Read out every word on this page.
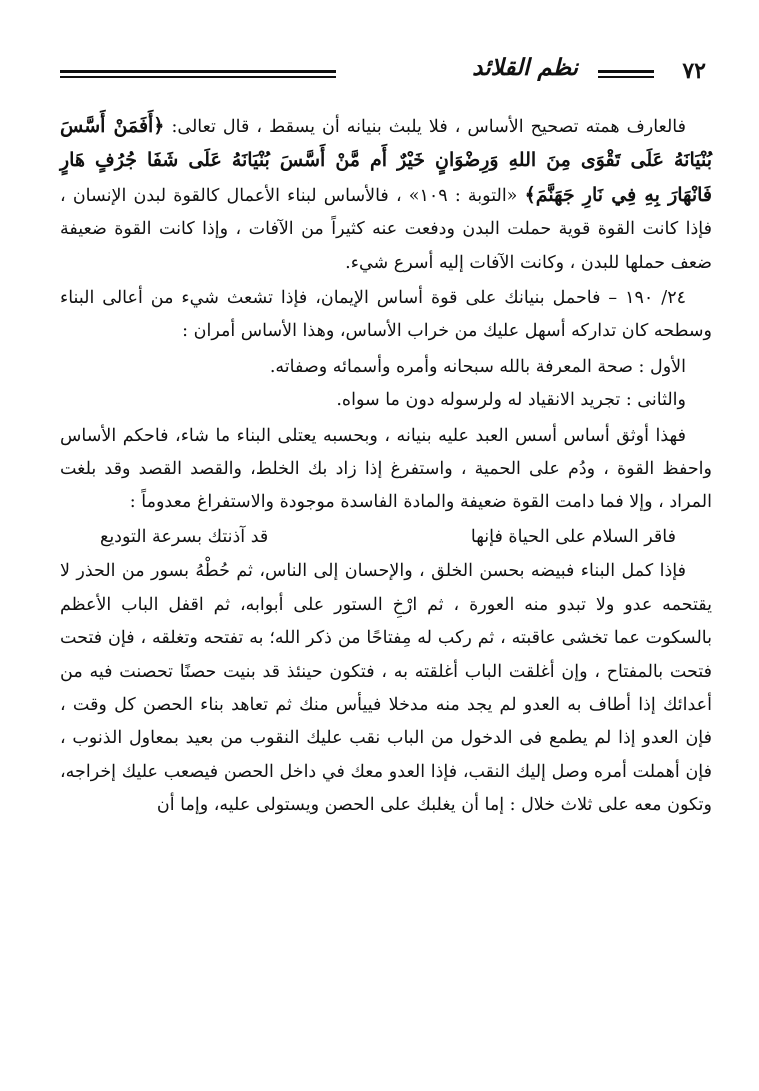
٧٢
نظم القلائد

فالعارف همته تصحيح الأساس ، فلا يلبث بنيانه أن يسقط ، قال تعالى: ﴿أَفَمَنْ أَسَّسَ بُنْيَانَهُ عَلَى تَقْوَى مِنَ اللهِ وَرِضْوَانٍ خَيْرٌ أَم مَّنْ أَسَّسَ بُنْيَانَهُ عَلَى شَفَا جُرُفٍ هَارٍ فَانْهَارَ بِهِ فِي نَارِ جَهَنَّمَ﴾ «التوبة : ١٠٩» ، فالأساس لبناء الأعمال كالقوة لبدن الإنسان ، فإذا كانت القوة قوية حملت البدن ودفعت عنه كثيراً من الآفات ، وإذا كانت القوة ضعيفة ضعف حملها للبدن ، وكانت الآفات إليه أسرع شيء.

٢٤/ ١٩٠ – فاحمل بنيانك على قوة أساس الإيمان، فإذا تشعث شيء من أعالى البناء وسطحه كان تداركه أسهل عليك من خراب الأساس، وهذا الأساس أمران :

الأول : صحة المعرفة بالله سبحانه وأمره وأسمائه وصفاته.

والثانى : تجريد الانقياد له ولرسوله دون ما سواه.

فهذا أوثق أساس أسس العبد عليه بنيانه ، وبحسبه يعتلى البناء ما شاء، فاحكم الأساس واحفظ القوة ، ودُم على الحمية ، واستفرغ إذا زاد بك الخلط، والقصد القصد وقد بلغت المراد ، وإلا فما دامت القوة ضعيفة والمادة الفاسدة موجودة والاستفراغ معدوماً :

فاقر السلام على الحياة فإنها
قد آذنتك بسرعة التوديع

فإذا كمل البناء فبيضه بحسن الخلق ، والإحسان إلى الناس، ثم حُطْهُ بسور من الحذر لا يقتحمه عدو ولا تبدو منه العورة ، ثم ارْخِ الستور على أبوابه، ثم اقفل الباب الأعظم بالسكوت عما تخشى عاقبته ، ثم ركب له مِفتاحًا من ذكر الله؛ به تفتحه وتغلقه ، فإن فتحت فتحت بالمفتاح ، وإن أغلقت الباب أغلقته به ، فتكون حينئذ قد بنيت حصنًا تحصنت فيه من أعدائك إذا أطاف به العدو لم يجد منه مدخلا فييأس منك ثم تعاهد بناء الحصن كل وقت ، فإن العدو إذا لم يطمع فى الدخول من الباب نقب عليك النقوب من بعيد بمعاول الذنوب ، فإن أهملت أمره وصل إليك النقب، فإذا العدو معك في داخل الحصن فيصعب عليك إخراجه، وتكون معه على ثلاث خلال : إما أن يغلبك على الحصن ويستولى عليه، وإما أن
